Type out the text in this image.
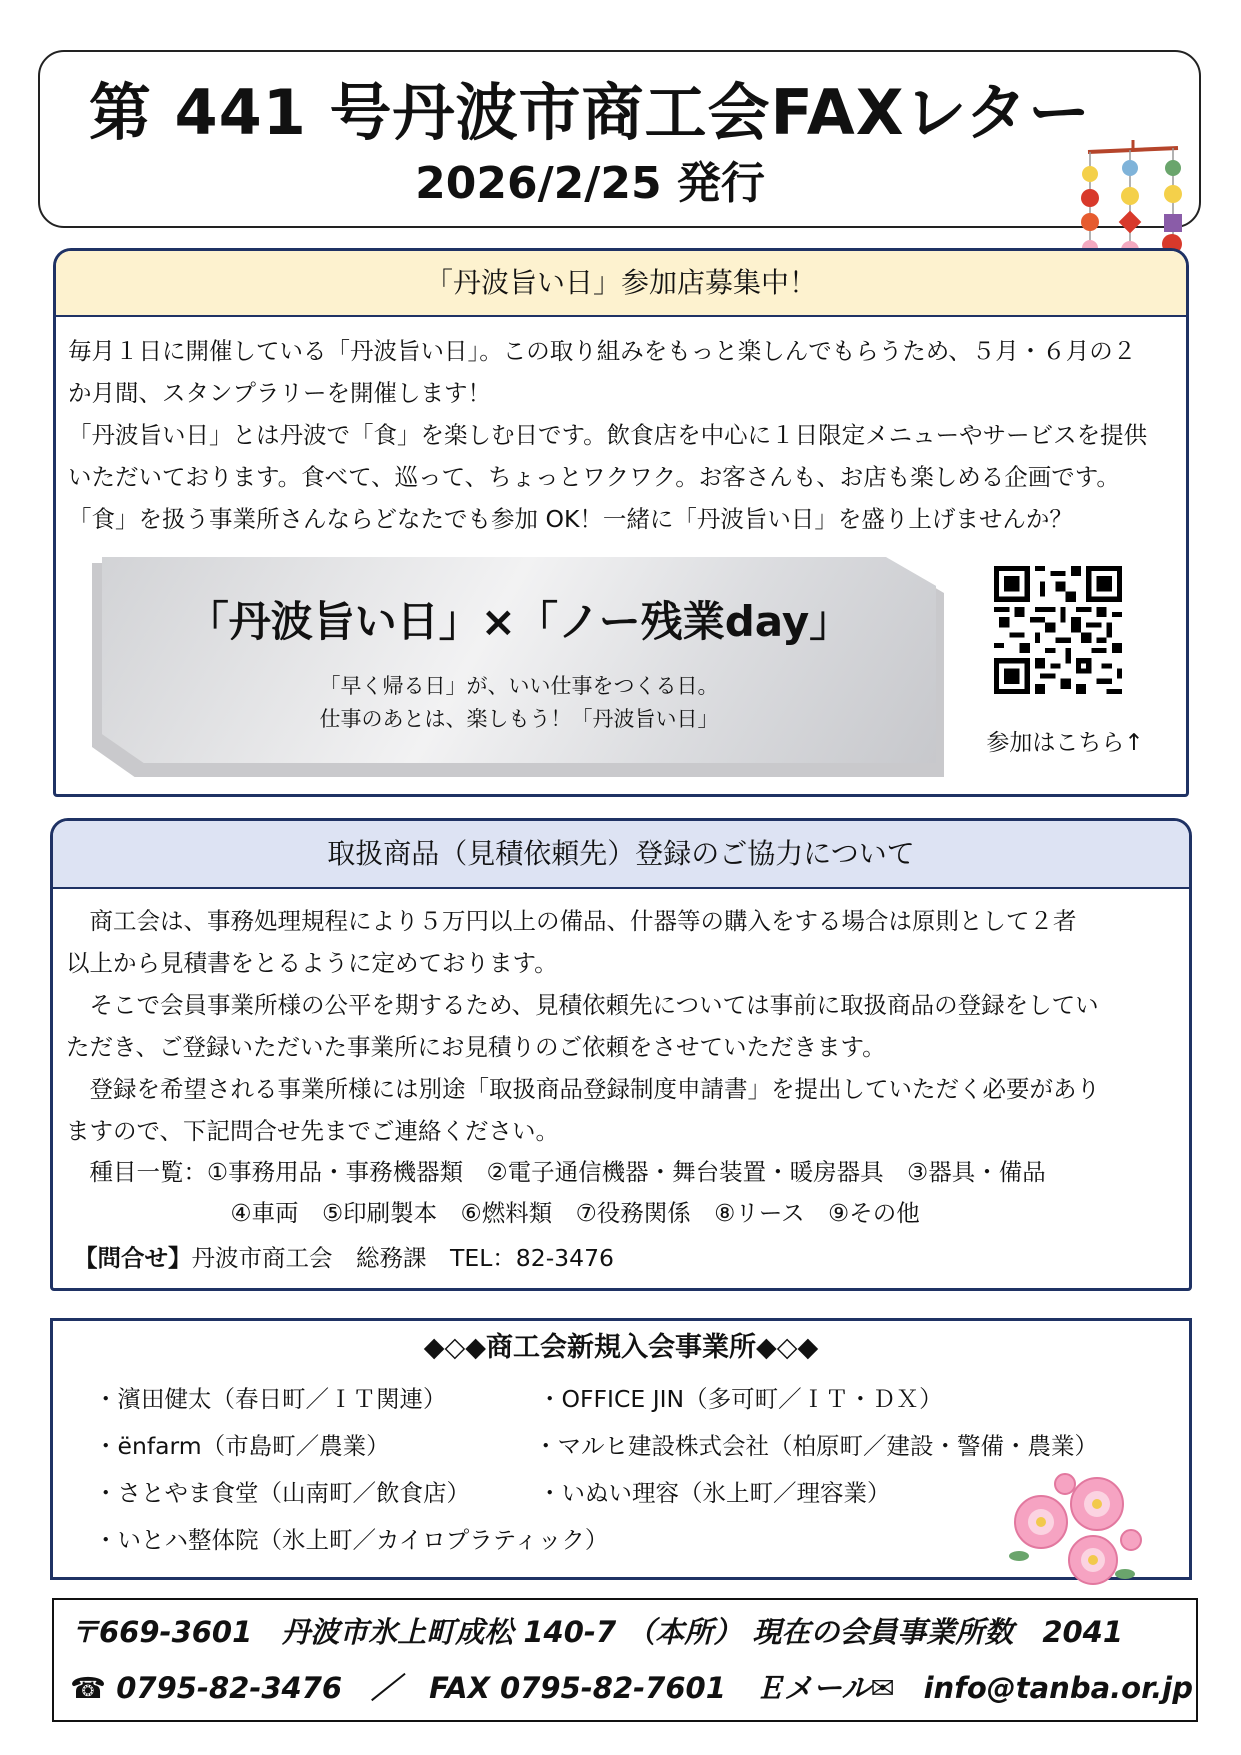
第 441 号丹波市商工会FAXレター
2026/2/25 発行
「丹波旨い日」参加店募集中！
毎月１日に開催している「丹波旨い日」。この取り組みをもっと楽しんでもらうため、５月・６月の２
か月間、スタンプラリーを開催します！
「丹波旨い日」とは丹波で「食」を楽しむ日です。飲食店を中心に１日限定メニューやサービスを提供
いただいております。食べて、巡って、ちょっとワクワク。お客さんも、お店も楽しめる企画です。
「食」を扱う事業所さんならどなたでも参加 OK！一緒に「丹波旨い日」を盛り上げませんか？
「丹波旨い日」×「ノー残業day」
「早く帰る日」が、いい仕事をつくる日。
仕事のあとは、楽しもう！「丹波旨い日」
参加はこちら↑
取扱商品（見積依頼先）登録のご協力について
　商工会は、事務処理規程により５万円以上の備品、什器等の購入をする場合は原則として２者
以上から見積書をとるように定めております。
　そこで会員事業所様の公平を期するため、見積依頼先については事前に取扱商品の登録をしてい
ただき、ご登録いただいた事業所にお見積りのご依頼をさせていただきます。
　登録を希望される事業所様には別途「取扱商品登録制度申請書」を提出していただく必要があり
ますので、下記問合せ先までご連絡ください。
　種目一覧：①事務用品・事務機器類　②電子通信機器・舞台装置・暖房器具　③器具・備品
　　　　　　　④車両　⑤印刷製本　⑥燃料類　⑦役務関係　⑧リース　⑨その他
【問合せ】丹波市商工会　総務課　TEL：82-3476
◆◇◆商工会新規入会事業所◆◇◆
・濱田健太（春日町／ＩＴ関連）	・OFFICE JIN（多可町／ＩＴ・ＤＸ）
・ënfarm（市島町／農業）	・マルヒ建設株式会社（柏原町／建設・警備・農業）
・さとやま食堂（山南町／飲食店）	・いぬい理容（氷上町／理容業）
・いとハ整体院（氷上町／カイロプラティック）
〒669-3601　丹波市氷上町成松 140-7 （本所） 現在の会員事業所数　2041
☎ 0795-82-3476　／　FAX 0795-82-7601　Ｅメール✉　info@tanba.or.jp
